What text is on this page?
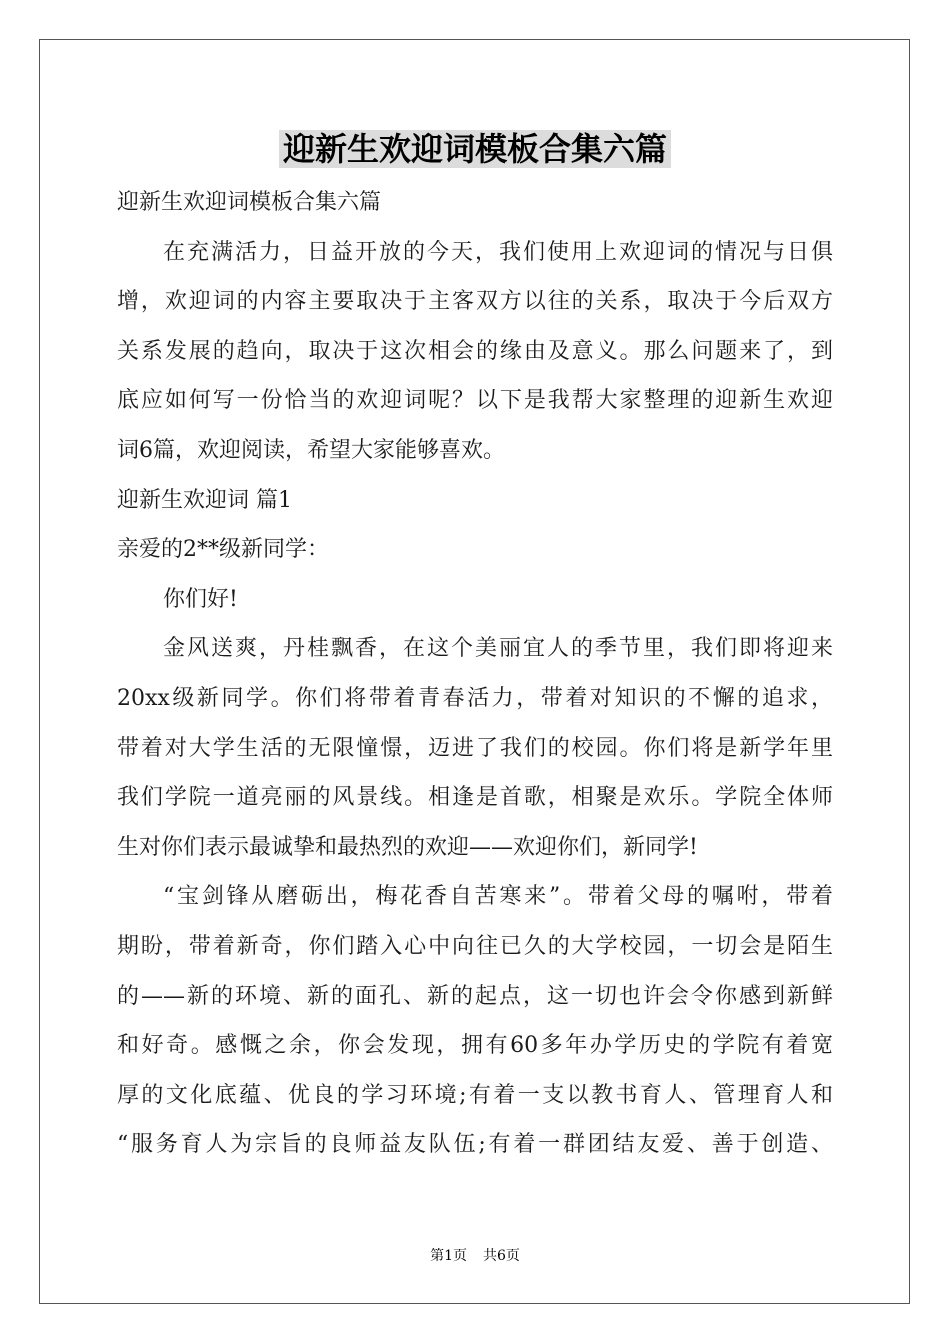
迎新生欢迎词模板合集六篇
迎新生欢迎词模板合集六篇
在充满活力，日益开放的今天，我们使用上欢迎词的情况与日俱
增，欢迎词的内容主要取决于主客双方以往的关系，取决于今后双方
关系发展的趋向，取决于这次相会的缘由及意义。那么问题来了，到
底应如何写一份恰当的欢迎词呢？以下是我帮大家整理的迎新生欢迎
词6篇，欢迎阅读，希望大家能够喜欢。
迎新生欢迎词 篇1
亲爱的2**级新同学：
你们好!
金风送爽，丹桂飘香，在这个美丽宜人的季节里，我们即将迎来
20xx级新同学。你们将带着青春活力，带着对知识的不懈的追求，
带着对大学生活的无限憧憬，迈进了我们的校园。你们将是新学年里
我们学院一道亮丽的风景线。相逢是首歌，相聚是欢乐。学院全体师
生对你们表示最诚挚和最热烈的欢迎——欢迎你们，新同学!
“宝剑锋从磨砺出，梅花香自苦寒来”。带着父母的嘱咐，带着
期盼，带着新奇，你们踏入心中向往已久的大学校园，一切会是陌生
的——新的环境、新的面孔、新的起点，这一切也许会令你感到新鲜
和好奇。感慨之余，你会发现，拥有60多年办学历史的学院有着宽
厚的文化底蕴、优良的学习环境;有着一支以教书育人、管理育人和
“服务育人为宗旨的良师益友队伍;有着一群团结友爱、善于创造、
第1页 共6页
